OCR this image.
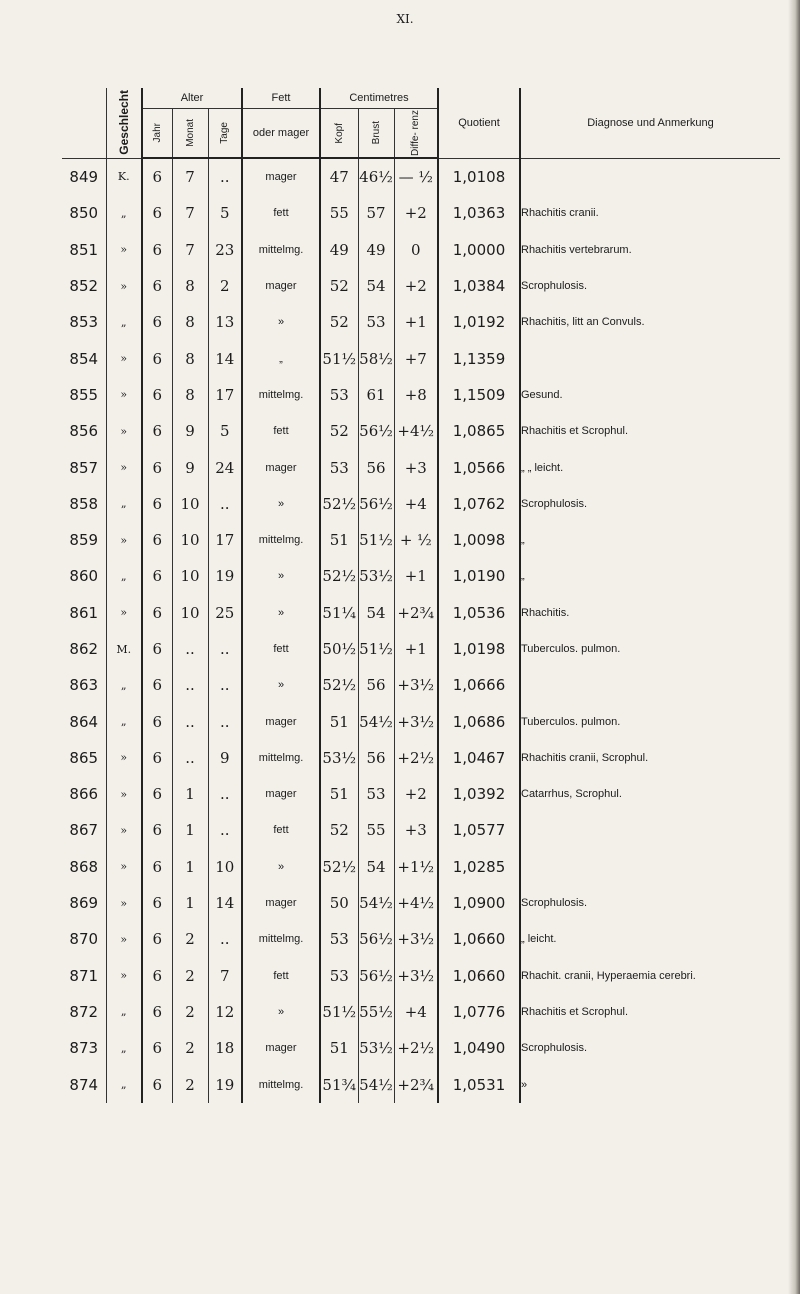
XI.

	Geschlecht	Alter			Fett	Centimetres			Quotient	Diagnose und Anmerkung

		Jahr	Monat	Tage	oder mager	Kopf	Brust	Diffe- renz		

849	K.	6	7	..	mager	47	46½	— ½	1,0108	
850	„	6	7	5	fett	55	57	+2	1,0363	Rhachitis cranii.
851	»	6	7	23	mittelmg.	49	49	0	1,0000	Rhachitis vertebrarum.
852	»	6	8	2	mager	52	54	+2	1,0384	Scrophulosis.
853	„	6	8	13	»	52	53	+1	1,0192	Rhachitis, litt an Convuls.
854	»	6	8	14	„	51½	58½	+7	1,1359	
855	»	6	8	17	mittelmg.	53	61	+8	1,1509	Gesund.
856	»	6	9	5	fett	52	56½	+4½	1,0865	Rhachitis et Scrophul.
857	»	6	9	24	mager	53	56	+3	1,0566	„ „ leicht.
858	„	6	10	..	»	52½	56½	+4	1,0762	Scrophulosis.
859	»	6	10	17	mittelmg.	51	51½	+ ½	1,0098	„
860	„	6	10	19	»	52½	53½	+1	1,0190	„
861	»	6	10	25	»	51¼	54	+2¾	1,0536	Rhachitis.
862	M.	6	..	..	fett	50½	51½	+1	1,0198	Tuberculos. pulmon.
863	„	6	..	..	»	52½	56	+3½	1,0666	
864	„	6	..	..	mager	51	54½	+3½	1,0686	Tuberculos. pulmon.
865	»	6	..	9	mittelmg.	53½	56	+2½	1,0467	Rhachitis cranii, Scrophul.
866	»	6	1	..	mager	51	53	+2	1,0392	Catarrhus, Scrophul.
867	»	6	1	..	fett	52	55	+3	1,0577	
868	»	6	1	10	»	52½	54	+1½	1,0285	
869	»	6	1	14	mager	50	54½	+4½	1,0900	Scrophulosis.
870	»	6	2	..	mittelmg.	53	56½	+3½	1,0660	„ leicht.
871	»	6	2	7	fett	53	56½	+3½	1,0660	Rhachit. cranii, Hyperaemia cerebri.
872	„	6	2	12	»	51½	55½	+4	1,0776	Rhachitis et Scrophul.
873	„	6	2	18	mager	51	53½	+2½	1,0490	Scrophulosis.
874	„	6	2	19	mittelmg.	51¾	54½	+2¾	1,0531	»
